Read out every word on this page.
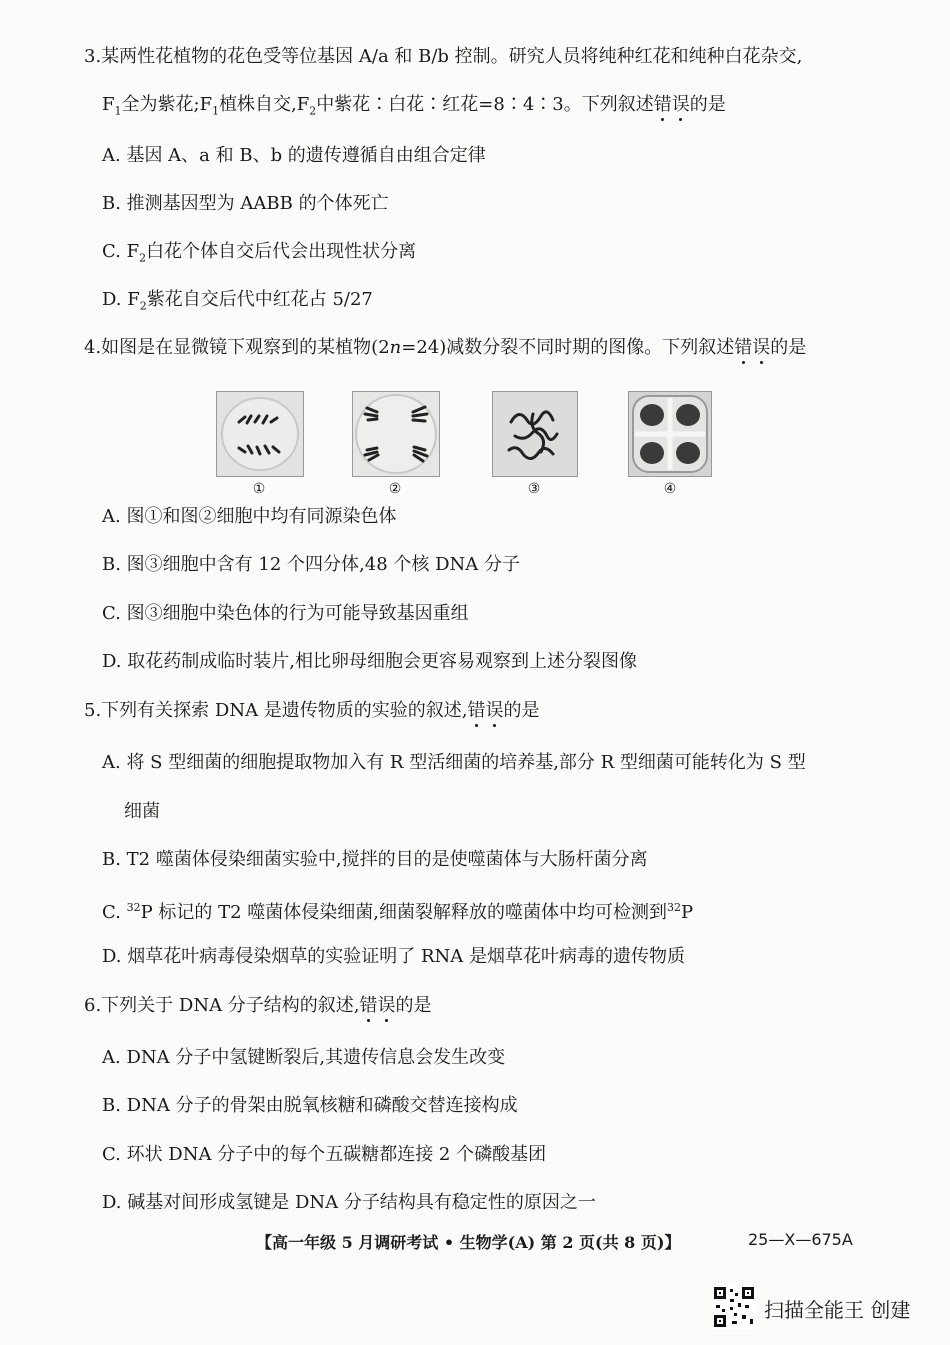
3.某两性花植物的花色受等位基因 A/a 和 B/b 控制。研究人员将纯种红花和纯种白花杂交,
$F_1$全为紫花$;F_1$植株自交$,F_2$中紫花∶白花∶红花=8∶4∶3。下列叙述错误的是
A. 基因 A、a 和 B、b 的遗传遵循自由组合定律
B. 推测基因型为 AABB 的个体死亡
C. $F_2$白花个体自交后代会出现性状分离
D. $F_2$紫花自交后代中红花占 5/27
4.如图是在显微镜下观察到的某植物(2n=24)减数分裂不同时期的图像。下列叙述错误的是
①	②	③	④
A. 图①和图②细胞中均有同源染色体
B. 图③细胞中含有 12 个四分体,48 个核 DNA 分子
C. 图③细胞中染色体的行为可能导致基因重组
D. 取花药制成临时装片,相比卵母细胞会更容易观察到上述分裂图像
5.下列有关探索 DNA 是遗传物质的实验的叙述,错误的是
A. 将 S 型细菌的细胞提取物加入有 R 型活细菌的培养基,部分 R 型细菌可能转化为 S 型
细菌
B. T2 噬菌体侵染细菌实验中,搅拌的目的是使噬菌体与大肠杆菌分离
C. $^{32}$P 标记的 T2 噬菌体侵染细菌,细菌裂解释放的噬菌体中均可检测到$^{32}$P
D. 烟草花叶病毒侵染烟草的实验证明了 RNA 是烟草花叶病毒的遗传物质
6.下列关于 DNA 分子结构的叙述,错误的是
A. DNA 分子中氢键断裂后,其遗传信息会发生改变
B. DNA 分子的骨架由脱氧核糖和磷酸交替连接构成
C. 环状 DNA 分子中的每个五碳糖都连接 2 个磷酸基团
D. 碱基对间形成氢键是 DNA 分子结构具有稳定性的原因之一
【高一年级 5 月调研考试 • 生物学(A) 第 2 页(共 8 页)】	25—X—675A
扫描全能王 创建
